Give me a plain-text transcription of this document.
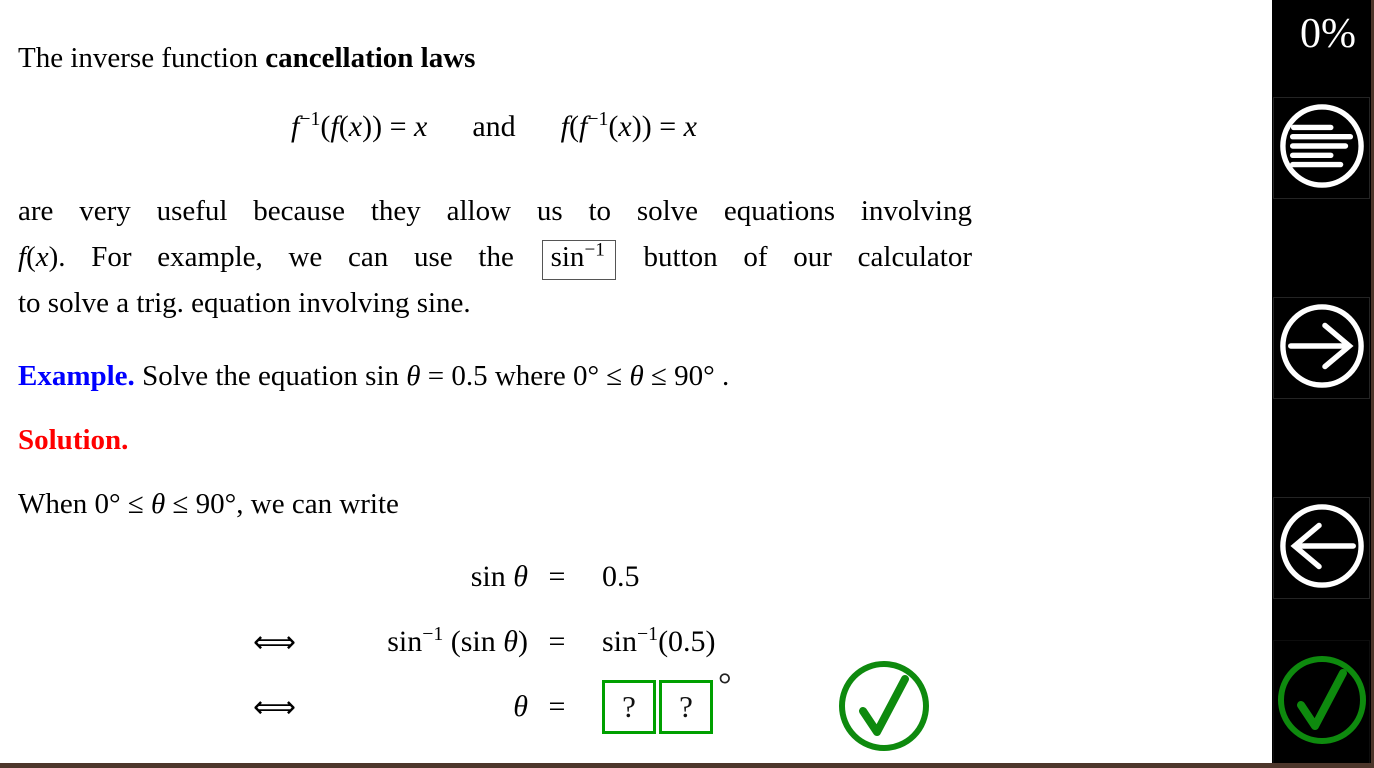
The inverse function cancellation laws
$f^{-1}(f(x)) = x$  and  $f(f^{-1}(x)) = x$
are very useful because they allow us to solve equations involving
f(x). For example, we can use the $\sin^{-1}$ button of our calculator
to solve a trig. equation involving sine.
Example. Solve the equation sin θ = 0.5 where 0° ≤ θ ≤ 90° .
Solution.
When 0° ≤ θ ≤ 90°, we can write
sin θ =	0.5
⟺	$\sin^{-1} (\sin$ θ) =	$\sin^{-1}(0.5)$
⟺	θ =	? ?°
0%
